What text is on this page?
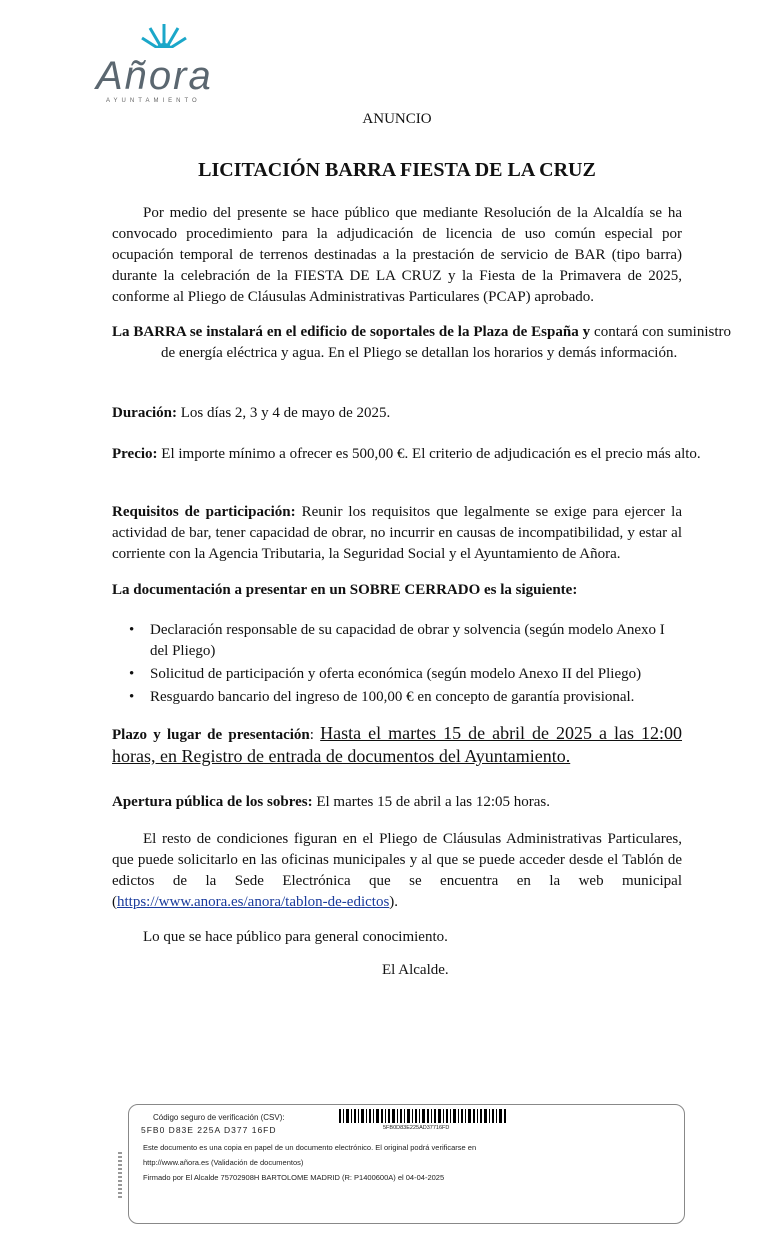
Añora
AYUNTAMIENTO
ANUNCIO
LICITACIÓN BARRA FIESTA DE LA CRUZ

Por medio del presente se hace público que mediante Resolución de la Alcaldía se ha convocado procedimiento para la adjudicación de licencia de uso común especial por ocupación temporal de terrenos destinadas a la prestación de servicio de BAR (tipo barra) durante la celebración de la FIESTA DE LA CRUZ y la Fiesta de la Primavera de 2025, conforme al Pliego de Cláusulas Administrativas Particulares (PCAP) aprobado.

La BARRA se instalará en el edificio de soportales de la Plaza de España y contará con suministro de energía eléctrica y agua. En el Pliego se detallan los horarios y demás información.

Duración: Los días 2, 3 y 4 de mayo de 2025.

Precio: El importe mínimo a ofrecer es 500,00 €. El criterio de adjudicación es el precio más alto.

Requisitos de participación: Reunir los requisitos que legalmente se exige para ejercer la actividad de bar, tener capacidad de obrar, no incurrir en causas de incompatibilidad, y estar al corriente con la Agencia Tributaria, la Seguridad Social y el Ayuntamiento de Añora.

La documentación a presentar en un SOBRE CERRADO es la siguiente:

• Declaración responsable de su capacidad de obrar y solvencia (según modelo Anexo I del Pliego)
• Solicitud de participación y oferta económica (según modelo Anexo II del Pliego)
• Resguardo bancario del ingreso de 100,00 € en concepto de garantía provisional.

Plazo y lugar de presentación: Hasta el martes 15 de abril de 2025 a las 12:00 horas, en Registro de entrada de documentos del Ayuntamiento.

Apertura pública de los sobres: El martes 15 de abril a las 12:05 horas.

El resto de condiciones figuran en el Pliego de Cláusulas Administrativas Particulares, que puede solicitarlo en las oficinas municipales y al que se puede acceder desde el Tablón de edictos de la Sede Electrónica que se encuentra en la web municipal (https://www.anora.es/anora/tablon-de-edictos).

Lo que se hace público para general conocimiento.

El Alcalde.
Código seguro de verificación (CSV):
5FB0 D83E 225A D377 16FD	5FB0D83E225AD37716FD
Este documento es una copia en papel de un documento electrónico. El original podrá verificarse en
http://www.añora.es (Validación de documentos)
Firmado por El Alcalde 75702908H BARTOLOME MADRID (R: P1400600A) el 04-04-2025
